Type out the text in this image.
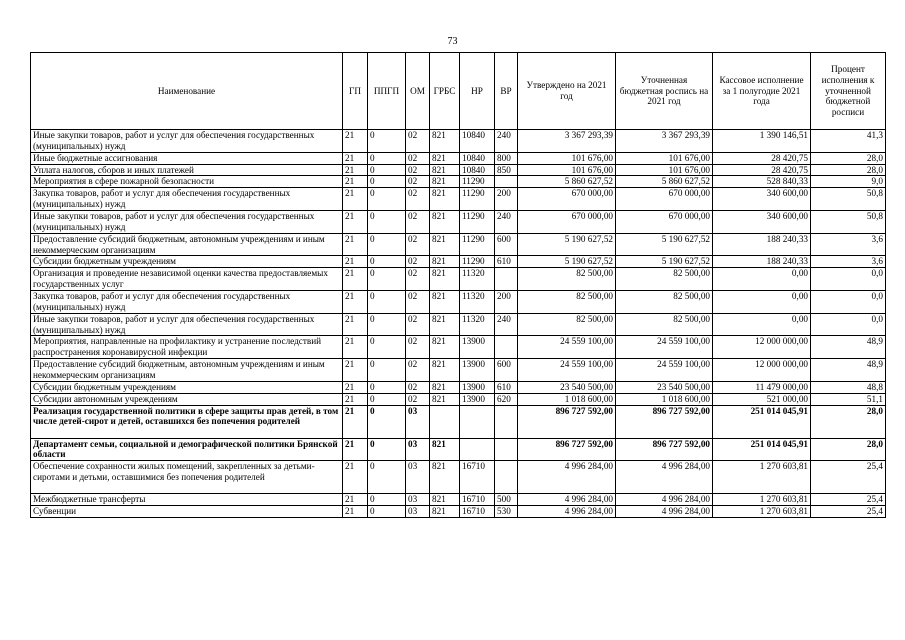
73
Наименование	ГП	ППГП	ОМ	ГРБС	НР	ВР	Утверждено на 2021 год	Уточненная бюджетная роспись на 2021 год	Кассовое исполнение за 1 полугодие 2021 года	Процент исполнения к уточненной бюджетной росписи
Иные закупки товаров, работ и услуг для обеспечения государственных (муниципальных) нужд	21	0	02	821	10840	240	3 367 293,39	3 367 293,39	1 390 146,51	41,3
Иные бюджетные ассигнования	21	0	02	821	10840	800	101 676,00	101 676,00	28 420,75	28,0
Уплата налогов, сборов и иных платежей	21	0	02	821	10840	850	101 676,00	101 676,00	28 420,75	28,0
Мероприятия в сфере пожарной безопасности	21	0	02	821	11290		5 860 627,52	5 860 627,52	528 840,33	9,0
Закупка товаров, работ и услуг для обеспечения государственных (муниципальных) нужд	21	0	02	821	11290	200	670 000,00	670 000,00	340 600,00	50,8
Иные закупки товаров, работ и услуг для обеспечения государственных (муниципальных) нужд	21	0	02	821	11290	240	670 000,00	670 000,00	340 600,00	50,8
Предоставление субсидий бюджетным, автономным учреждениям и иным некоммерческим организациям	21	0	02	821	11290	600	5 190 627,52	5 190 627,52	188 240,33	3,6
Субсидии бюджетным учреждениям	21	0	02	821	11290	610	5 190 627,52	5 190 627,52	188 240,33	3,6
Организация и проведение независимой оценки качества предоставляемых государственных услуг	21	0	02	821	11320		82 500,00	82 500,00	0,00	0,0
Закупка товаров, работ и услуг для обеспечения государственных (муниципальных) нужд	21	0	02	821	11320	200	82 500,00	82 500,00	0,00	0,0
Иные закупки товаров, работ и услуг для обеспечения государственных (муниципальных) нужд	21	0	02	821	11320	240	82 500,00	82 500,00	0,00	0,0
Мероприятия, направленные на профилактику и устранение последствий распространения коронавирусной инфекции	21	0	02	821	13900		24 559 100,00	24 559 100,00	12 000 000,00	48,9
Предоставление субсидий бюджетным, автономным учреждениям и иным некоммерческим организациям	21	0	02	821	13900	600	24 559 100,00	24 559 100,00	12 000 000,00	48,9
Субсидии бюджетным учреждениям	21	0	02	821	13900	610	23 540 500,00	23 540 500,00	11 479 000,00	48,8
Субсидии автономным учреждениям	21	0	02	821	13900	620	1 018 600,00	1 018 600,00	521 000,00	51,1
Реализация государственной политики в сфере защиты прав детей, в том числе детей-сирот и детей, оставшихся без попечения родителей	21	0	03				896 727 592,00	896 727 592,00	251 014 045,91	28,0
Департамент семьи, социальной и демографической политики Брянской области	21	0	03	821			896 727 592,00	896 727 592,00	251 014 045,91	28,0
Обеспечение сохранности жилых помещений, закрепленных за детьми-сиротами и детьми, оставшимися без попечения родителей	21	0	03	821	16710		4 996 284,00	4 996 284,00	1 270 603,81	25,4
Межбюджетные трансферты	21	0	03	821	16710	500	4 996 284,00	4 996 284,00	1 270 603,81	25,4
Субвенции	21	0	03	821	16710	530	4 996 284,00	4 996 284,00	1 270 603,81	25,4
